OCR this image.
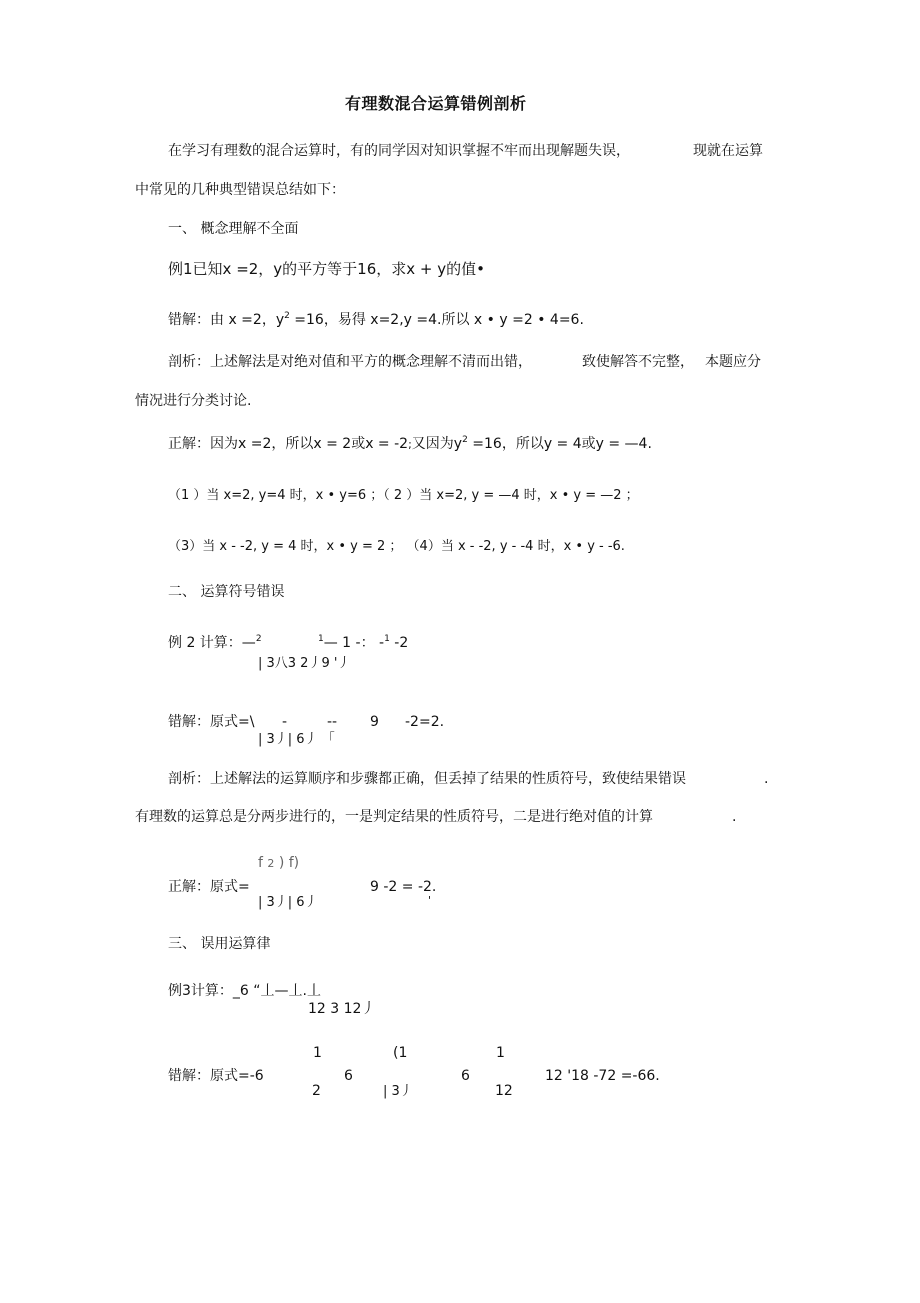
有理数混合运算错例剖析
在学习有理数的混合运算时，有的同学因对知识掌握不牢而出现解题失误，	现就在运算
中常见的几种典型错误总结如下：
一、 概念理解不全面
例1已知x =2，y的平方等于16，求x + y的值•
错解：由 x =2，$y^2 =16$，易得 x=2,y =4.所以 x • y =2 • 4=6.
剖析：上述解法是对绝对值和平方的概念理解不清而出错，	致使解答不完整， 本题应分
情况进行分类讨论.
正解：因为x =2，所以x = 2或x = -2;又因为$y^2 =16$，所以y = 4或y = —4.
（1 ）当 x=2, y=4 时，x • y=6 ；（ 2 ）当 x=2, y = —4 时，x • y = —2 ；
（3）当 x - -2, y = 4 时，x • y = 2 ； （4）当 x - -2, y - -4 时，x • y - -6.
二、 运算符号错误
例 2 计算：—$^2$	$^1$— 1 -： -$^1$ -2
| 3八3 2丿9 '丿
错解：原式=\ -	-- 9 -2=2.
| 3丿| 6丿 「
剖析：上述解法的运算顺序和步骤都正确，但丢掉了结果的性质符号，致使结果错误	.
有理数的运算总是分两步进行的，一是判定结果的性质符号，二是进行绝对值的计算	.
f 2 ) f)
正解：原式=	9 -2 = -2.
'
| 3丿| 6丿
三、 误用运算律
例3计算：_6 “丄—丄.丄
12 3 12丿
1	(1	1
错解：原式=-6	6	6	12 '18 -72 =-66.
2	| 3丿	12
